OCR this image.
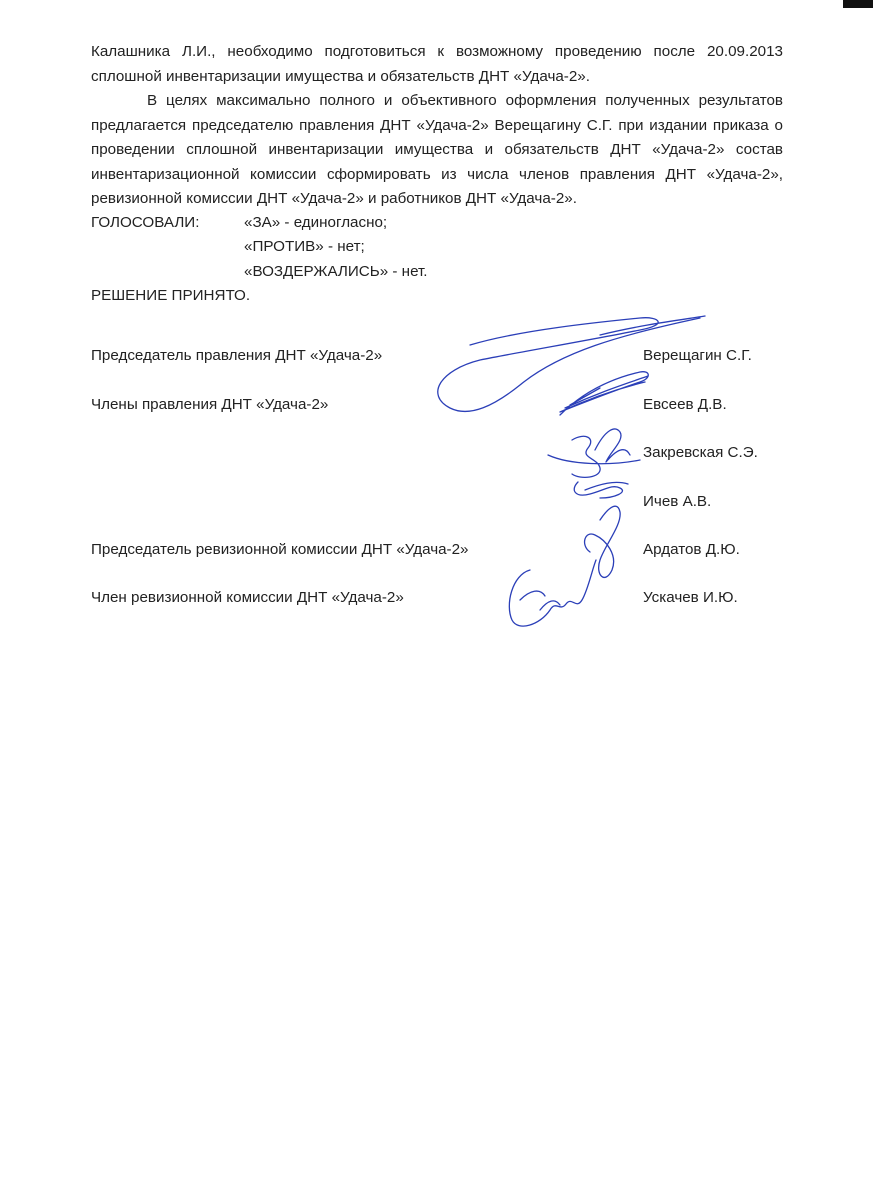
Калашника Л.И., необходимо подготовиться к возможному проведению после 20.09.2013 сплошной инвентаризации имущества и обязательств ДНТ «Удача-2».

В целях максимально полного и объективного оформления полученных результатов предлагается председателю правления ДНТ «Удача-2» Верещагину С.Г. при издании приказа о проведении сплошной инвентаризации имущества и обязательств ДНТ «Удача-2» состав инвентаризационной комиссии сформировать из числа членов правления ДНТ «Удача-2», ревизионной комиссии ДНТ «Удача-2» и работников ДНТ «Удача-2».

ГОЛОСОВАЛИ:	«ЗА» - единогласно;
«ПРОТИВ» - нет;
«ВОЗДЕРЖАЛИСЬ» - нет.
РЕШЕНИЕ ПРИНЯТО.
Председатель правления ДНТ «Удача-2»	Верещагин С.Г.
Члены правления ДНТ «Удача-2»	Евсеев Д.В.
Закревская С.Э.
Ичев А.В.
Председатель ревизионной комиссии ДНТ «Удача-2»	Ардатов Д.Ю.
Член ревизионной комиссии ДНТ «Удача-2»	Ускачев И.Ю.
